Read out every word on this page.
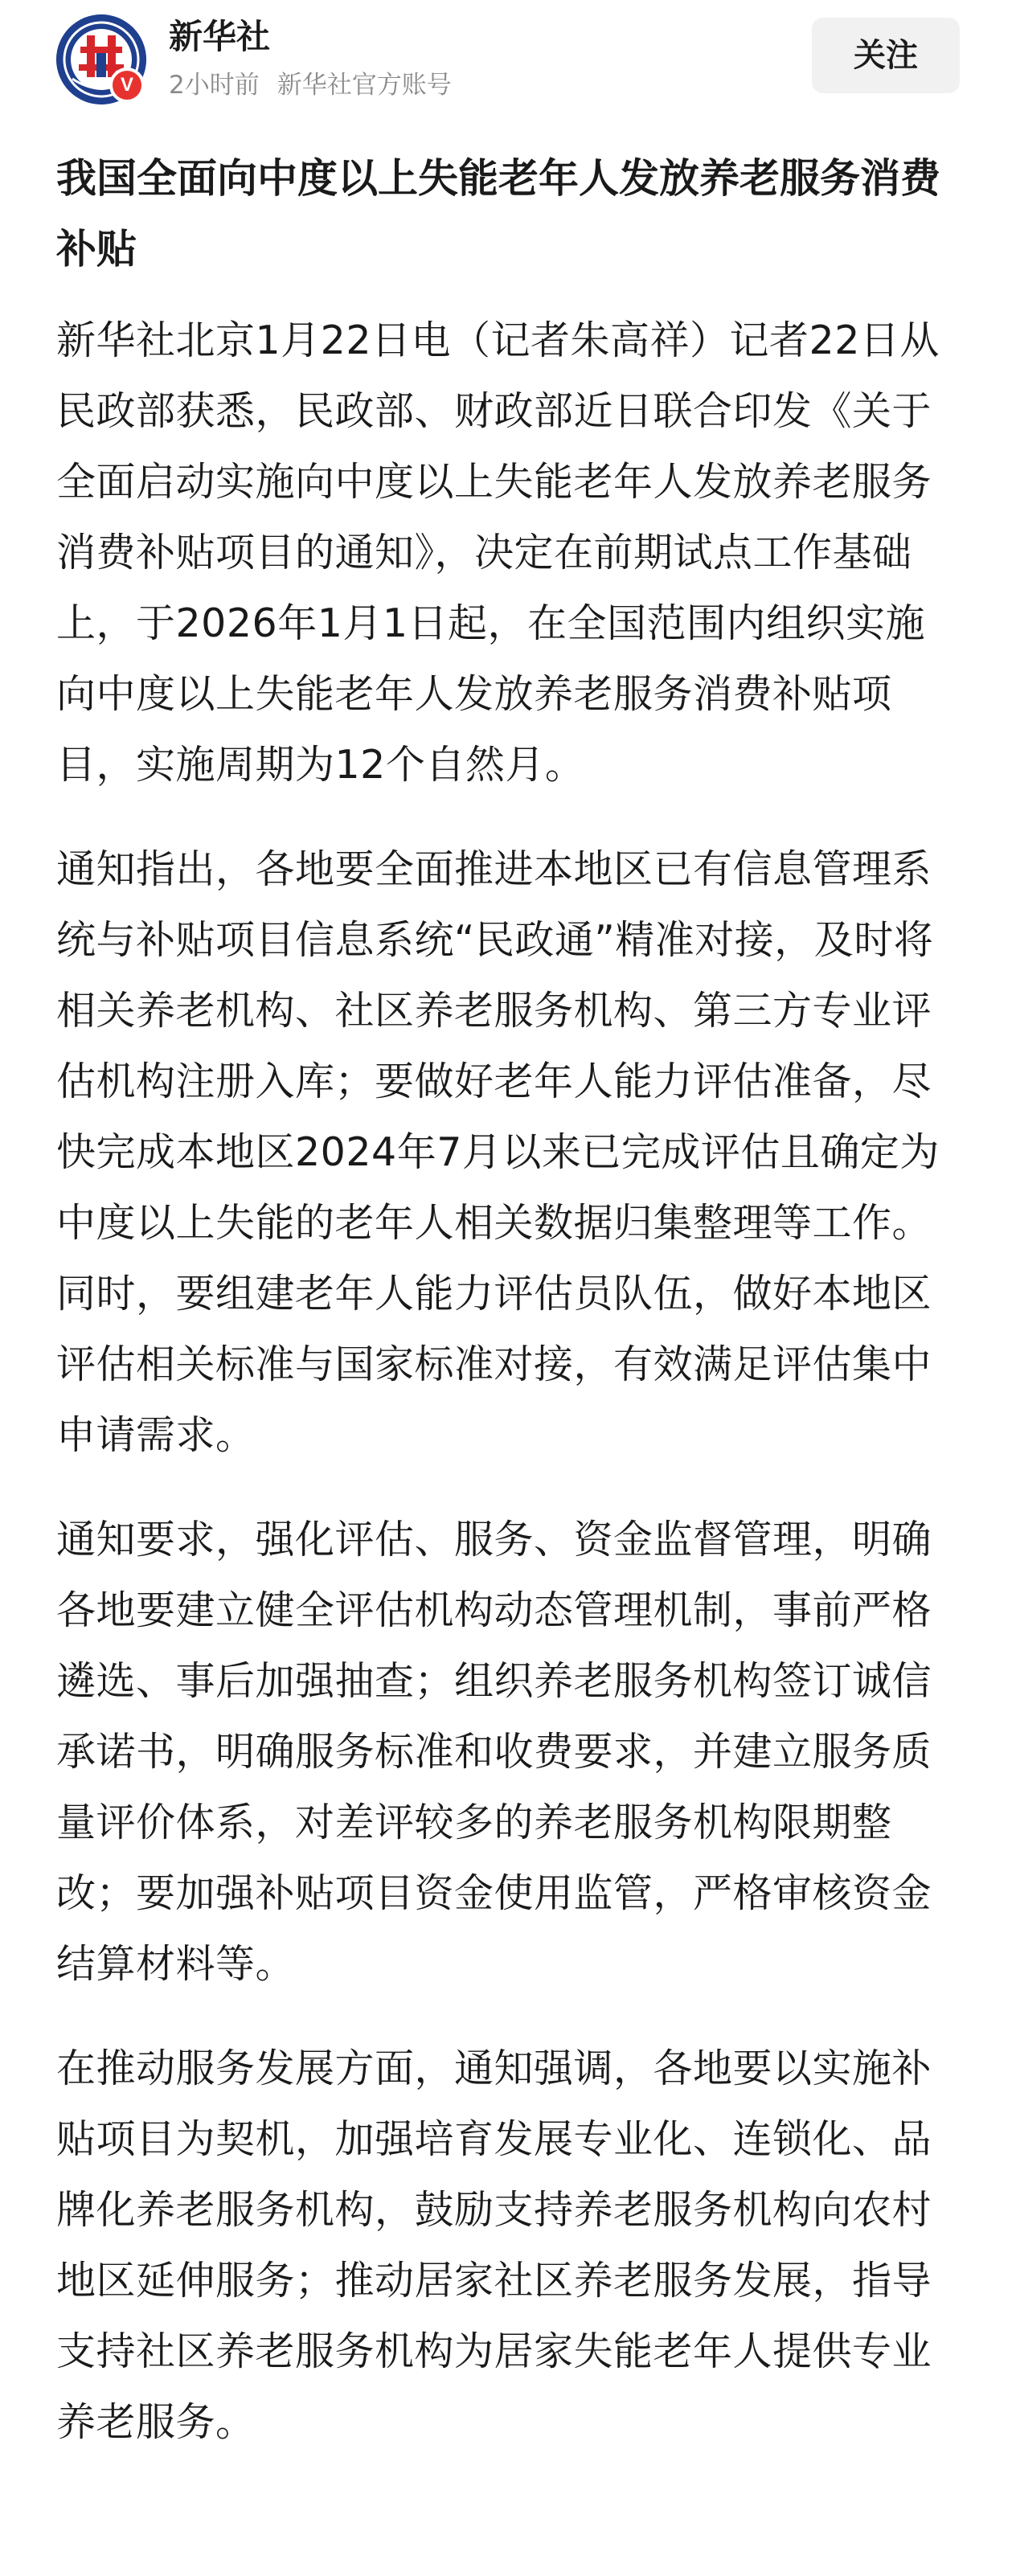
V
新华社
2小时前 新华社官方账号
关注
我国全面向中度以上失能老年人发放养老服务消费补贴

新华社北京1月22日电（记者朱高祥）记者22日从民政部获悉，民政部、财政部近日联合印发《关于全面启动实施向中度以上失能老年人发放养老服务消费补贴项目的通知》，决定在前期试点工作基础上，于2026年1月1日起，在全国范围内组织实施向中度以上失能老年人发放养老服务消费补贴项目，实施周期为12个自然月。

通知指出，各地要全面推进本地区已有信息管理系统与补贴项目信息系统“民政通”精准对接，及时将相关养老机构、社区养老服务机构、第三方专业评估机构注册入库；要做好老年人能力评估准备，尽快完成本地区2024年7月以来已完成评估且确定为中度以上失能的老年人相关数据归集整理等工作。同时，要组建老年人能力评估员队伍，做好本地区评估相关标准与国家标准对接，有效满足评估集中申请需求。

通知要求，强化评估、服务、资金监督管理，明确各地要建立健全评估机构动态管理机制，事前严格遴选、事后加强抽查；组织养老服务机构签订诚信承诺书，明确服务标准和收费要求，并建立服务质量评价体系，对差评较多的养老服务机构限期整改；要加强补贴项目资金使用监管，严格审核资金结算材料等。

在推动服务发展方面，通知强调，各地要以实施补贴项目为契机，加强培育发展专业化、连锁化、品牌化养老服务机构，鼓励支持养老服务机构向农村地区延伸服务；推动居家社区养老服务发展，指导支持社区养老服务机构为居家失能老年人提供专业养老服务。
